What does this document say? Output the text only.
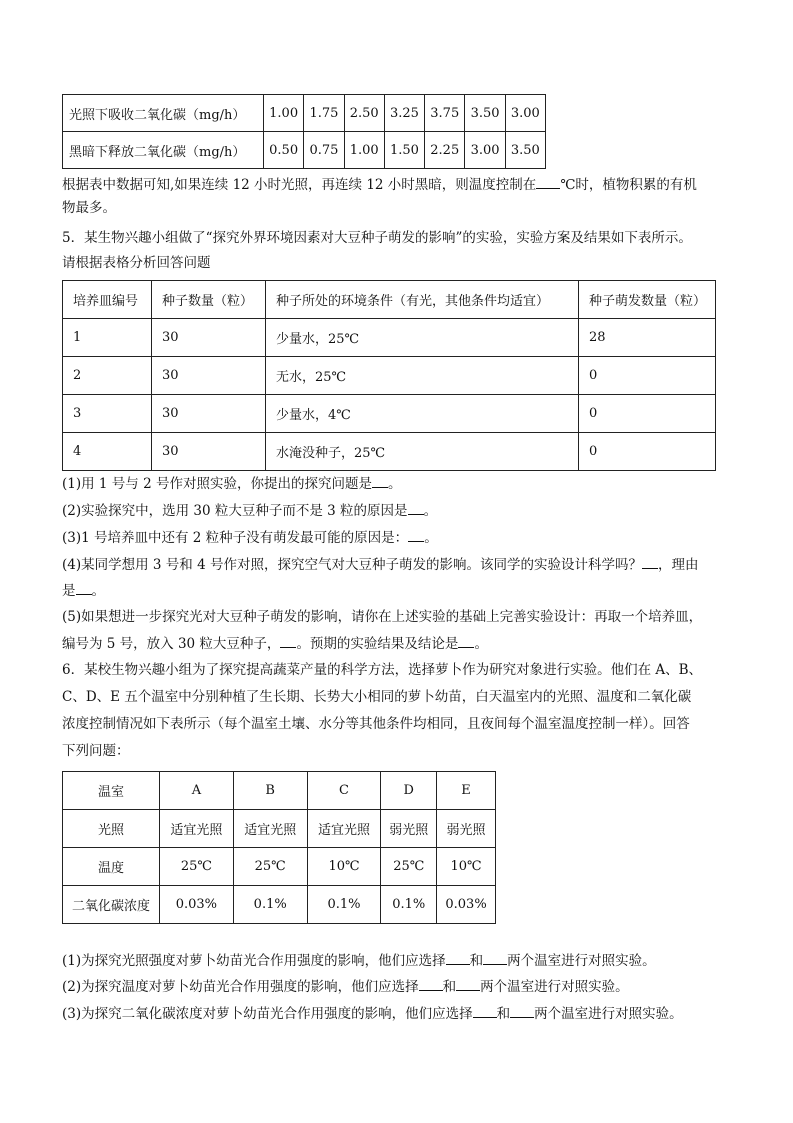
光照下吸收二氧化碳（mg/h）	1.00	1.75	2.50	3.25	3.75	3.50	3.00
黑暗下释放二氧化碳（mg/h）	0.50	0.75	1.00	1.50	2.25	3.00	3.50
根据表中数据可知,如果连续 12 小时光照，再连续 12 小时黑暗，则温度控制在 ℃时，植物积累的有机
物最多。
5．某生物兴趣小组做了“探究外界环境因素对大豆种子萌发的影响”的实验，实验方案及结果如下表所示。
请根据表格分析回答问题
培养皿编号	种子数量（粒）	种子所处的环境条件（有光，其他条件均适宜）	种子萌发数量（粒）
1	30	少量水，25℃	28
2	30	无水，25℃	0
3	30	少量水，4℃	0
4	30	水淹没种子，25℃	0
(1)用 1 号与 2 号作对照实验，你提出的探究问题是 。
(2)实验探究中，选用 30 粒大豆种子而不是 3 粒的原因是 。
(3)1 号培养皿中还有 2 粒种子没有萌发最可能的原因是： 。
(4)某同学想用 3 号和 4 号作对照，探究空气对大豆种子萌发的影响。该同学的实验设计科学吗？ ，理由
是 。
(5)如果想进一步探究光对大豆种子萌发的影响，请你在上述实验的基础上完善实验设计：再取一个培养皿，
编号为 5 号，放入 30 粒大豆种子， 。预期的实验结果及结论是 。
6．某校生物兴趣小组为了探究提高蔬菜产量的科学方法，选择萝卜作为研究对象进行实验。他们在 A、B、
C、D、E 五个温室中分别种植了生长期、长势大小相同的萝卜幼苗，白天温室内的光照、温度和二氧化碳
浓度控制情况如下表所示（每个温室土壤、水分等其他条件均相同，且夜间每个温室温度控制一样）。回答
下列问题：
温室	A	B	C	D	E
光照	适宜光照	适宜光照	适宜光照	弱光照	弱光照
温度	25℃	25℃	10℃	25℃	10℃
二氧化碳浓度	0.03%	0.1%	0.1%	0.1%	0.03%
(1)为探究光照强度对萝卜幼苗光合作用强度的影响，他们应选择 和 两个温室进行对照实验。
(2)为探究温度对萝卜幼苗光合作用强度的影响，他们应选择 和 两个温室进行对照实验。
(3)为探究二氧化碳浓度对萝卜幼苗光合作用强度的影响，他们应选择 和 两个温室进行对照实验。
